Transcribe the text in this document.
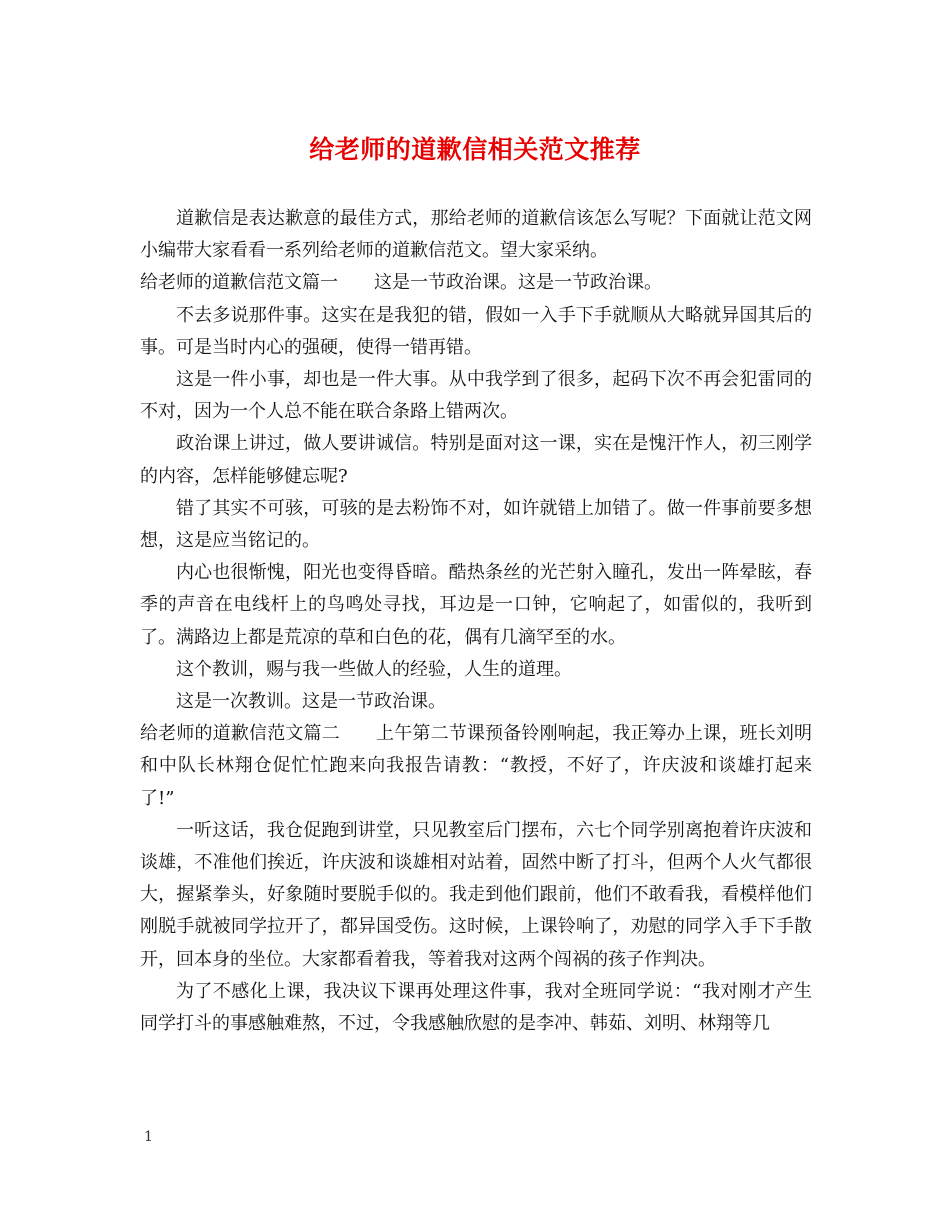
给老师的道歉信相关范文推荐

道歉信是表达歉意的最佳方式，那给老师的道歉信该怎么写呢？下面就让范文网小编带大家看看一系列给老师的道歉信范文。望大家采纳。

给老师的道歉信范文篇一 这是一节政治课。这是一节政治课。

不去多说那件事。这实在是我犯的错，假如一入手下手就顺从大略就异国其后的事。可是当时内心的强硬，使得一错再错。

这是一件小事，却也是一件大事。从中我学到了很多，起码下次不再会犯雷同的不对，因为一个人总不能在联合条路上错两次。

政治课上讲过，做人要讲诚信。特别是面对这一课，实在是愧汗怍人，初三刚学的内容，怎样能够健忘呢?

错了其实不可骇，可骇的是去粉饰不对，如许就错上加错了。做一件事前要多想想，这是应当铭记的。

内心也很惭愧，阳光也变得昏暗。酷热条丝的光芒射入瞳孔，发出一阵晕眩，春季的声音在电线杆上的鸟鸣处寻找，耳边是一口钟，它响起了，如雷似的，我听到了。满路边上都是荒凉的草和白色的花，偶有几滴罕至的水。

这个教训，赐与我一些做人的经验，人生的道理。

这是一次教训。这是一节政治课。

给老师的道歉信范文篇二 上午第二节课预备铃刚响起，我正筹办上课，班长刘明和中队长林翔仓促忙忙跑来向我报告请教：“教授，不好了，许庆波和谈雄打起来了!”

一听这话，我仓促跑到讲堂，只见教室后门摆布，六七个同学别离抱着许庆波和谈雄，不准他们挨近，许庆波和谈雄相对站着，固然中断了打斗，但两个人火气都很大，握紧拳头，好象随时要脱手似的。我走到他们跟前，他们不敢看我，看模样他们刚脱手就被同学拉开了，都异国受伤。这时候，上课铃响了，劝慰的同学入手下手散开，回本身的坐位。大家都看着我，等着我对这两个闯祸的孩子作判决。

为了不感化上课，我决议下课再处理这件事，我对全班同学说：“我对刚才产生同学打斗的事感触难熬，不过，令我感触欣慰的是李冲、韩茹、刘明、林翔等几

1
